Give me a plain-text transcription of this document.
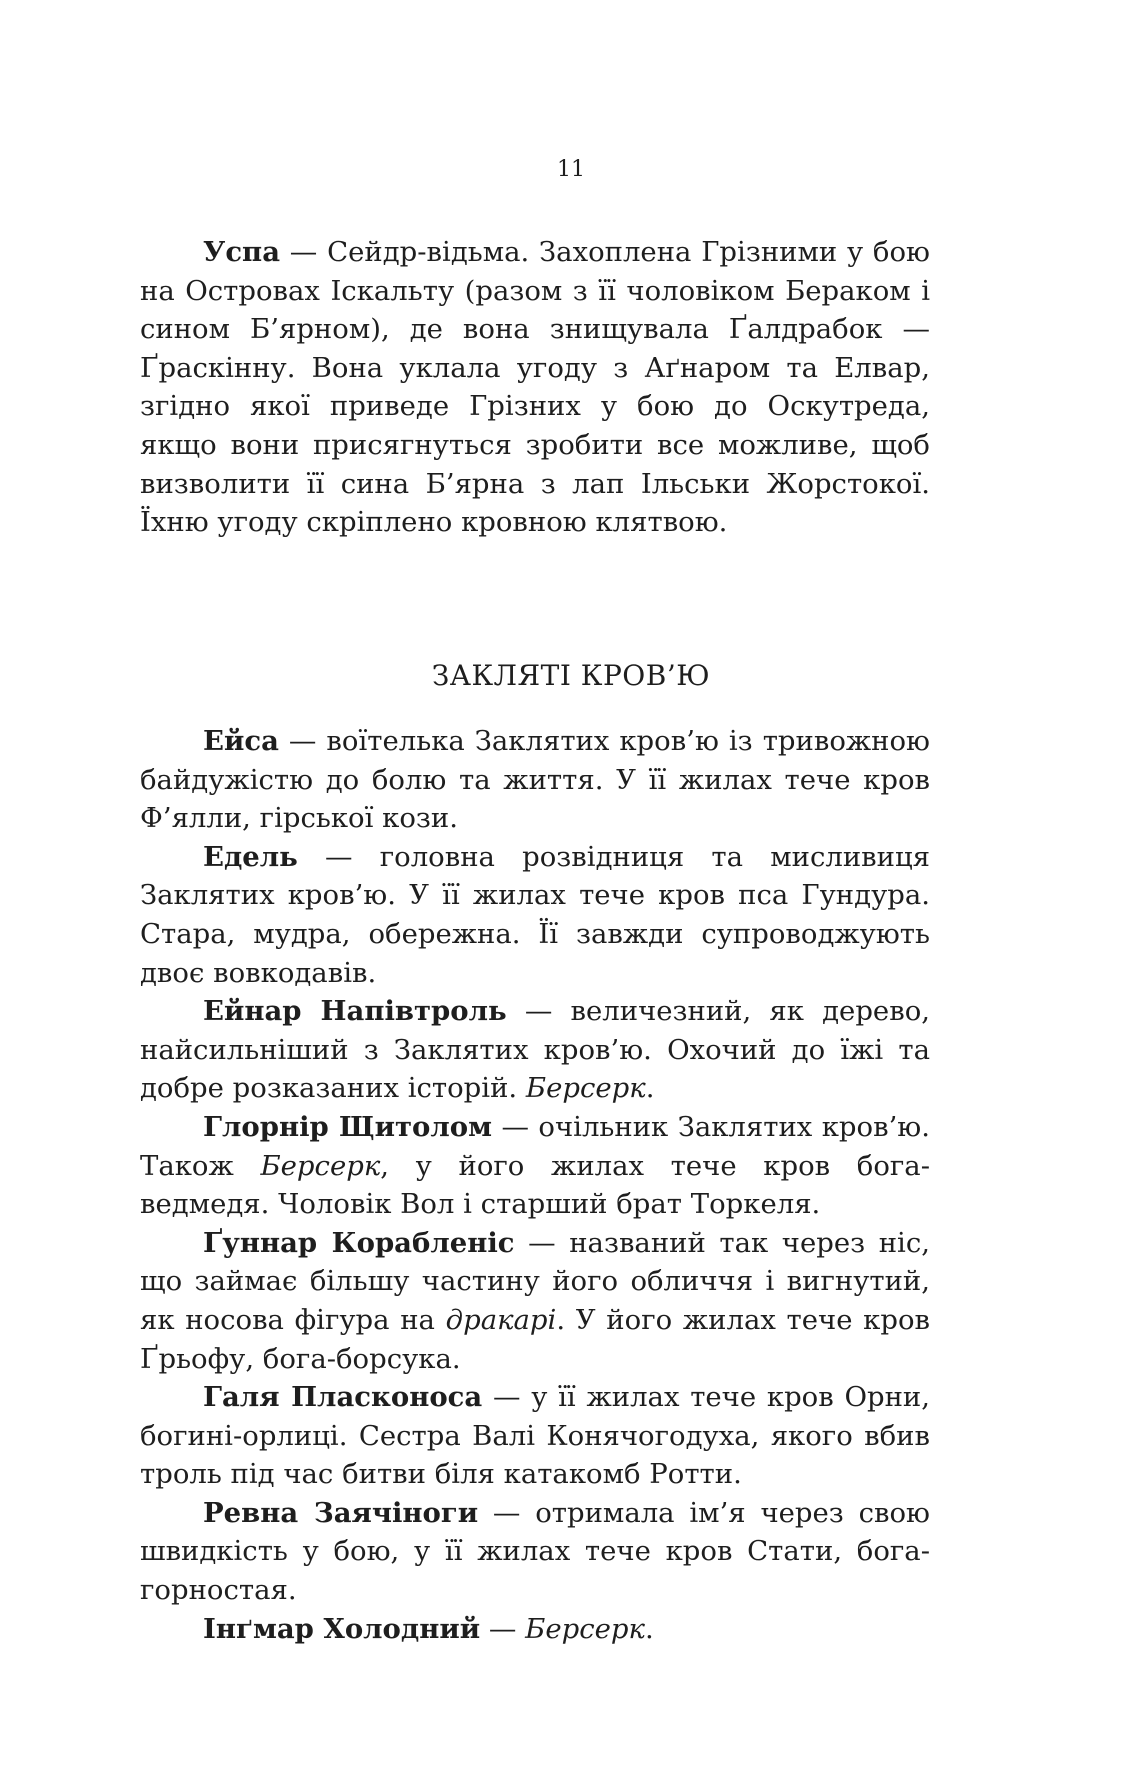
11

Успа — Сейдр-відьма. Захоплена Грізними у бою на Островах Іскальту (разом з її чоловіком Бераком і сином Б’ярном), де вона знищувала Ґалдрабок — Ґраскінну. Вона уклала угоду з Аґнаром та Елвар, згідно якої приведе Грізних у бою до Оскутреда, якщо вони присягнуться зробити все можливе, щоб визволити її сина Б’ярна з лап Ільськи Жорстокої. Їхню угоду скріплено кровною клятвою.

ЗАКЛЯТІ КРОВ’Ю

Ейса — воїтелька Заклятих кров’ю із тривожною байдужістю до болю та життя. У її жилах тече кров Ф’ялли, гірської кози.

Едель — головна розвідниця та мисливиця Заклятих кров’ю. У її жилах тече кров пса Гундура. Стара, мудра, обережна. Її завжди супроводжують двоє вовкодавів.

Ейнар Напівтроль — величезний, як дерево, найсильніший з Заклятих кров’ю. Охочий до їжі та добре розказаних історій. Берсерк.

Глорнір Щитолом — очільник Заклятих кров’ю. Також Берсерк, у його жилах тече кров бога-ведмедя. Чоловік Вол і старший брат Торкеля.

Ґуннар Корабленіс — названий так через ніс, що займає більшу частину його обличчя і вигнутий, як носова фігура на дракарі. У його жилах тече кров Ґрьофу, бога-борсука.

Галя Пласконоса — у її жилах тече кров Орни, богині-орлиці. Сестра Валі Конячогодуха, якого вбив троль під час битви біля катакомб Ротти.

Ревна Заячіноги — отримала ім’я через свою швидкість у бою, у її жилах тече кров Стати, бога-горностая.

Інґмар Холодний — Берсерк.
